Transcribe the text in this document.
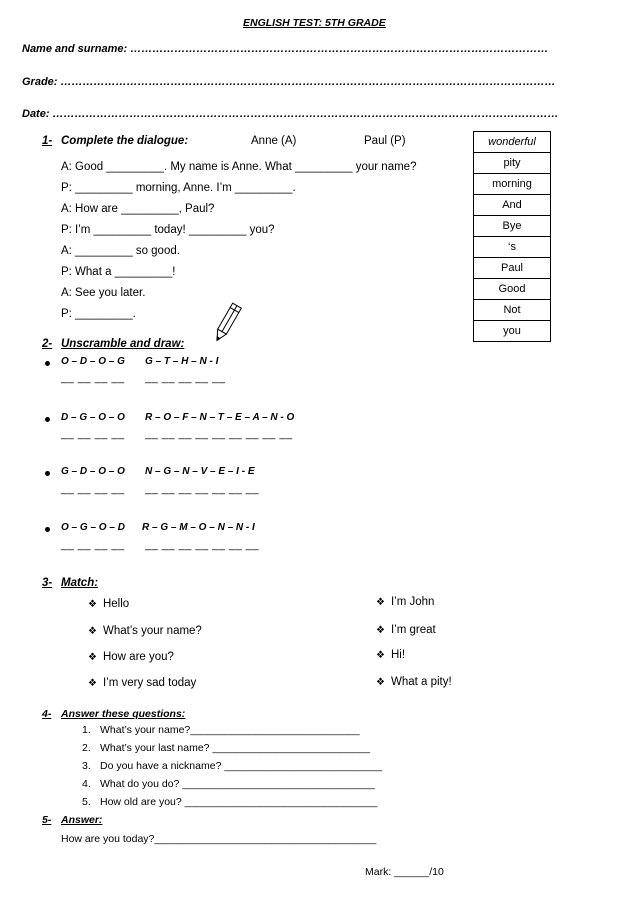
ENGLISH TEST: 5TH GRADE
Name and surname: ……………………………………………………………………………………………………
Grade: ………………………………………………………………………………………………………………………
Date: …………………………………………………………………………………………………………………………
1- Complete the dialogue:	Anne (A)	Paul (P)
A: Good _________. My name is Anne. What _________ your name?
P: _________ morning, Anne. I’m _________.
A: How are _________, Paul?
P: I’m _________ today! _________ you?
A: _________ so good.
P: What a _________!
A: See you later.
P: _________.
wonderful
pity
morning
And
Bye
‘s
Paul
Good
Not
you
2- Unscramble and draw:
O – D – O – G G – T – H – N - I
__ __ __ __ __ __ __ __ __
D – G – O – O R – O – F – N – T – E – A – N - O
__ __ __ __ __ __ __ __ __ __ __ __ __
G – D – O – O N – G – N – V – E – I - E
__ __ __ __ __ __ __ __ __ __ __
O – G – O – D R – G – M – O – N – N - I
__ __ __ __ __ __ __ __ __ __ __
3- Match:
❖ Hello
❖ What’s your name?
❖ How are you?
❖ I’m very sad today
❖ I’m John
❖ I’m great
❖ Hi!
❖ What a pity!
4- Answer these questions:
1. What’s your name?_____________________________
2. What’s your last name? ___________________________
3. Do you have a nickname? ___________________________
4. What do you do? _________________________________
5. How old are you? _________________________________
5- Answer:
How are you today?______________________________________
Mark: ______/10
